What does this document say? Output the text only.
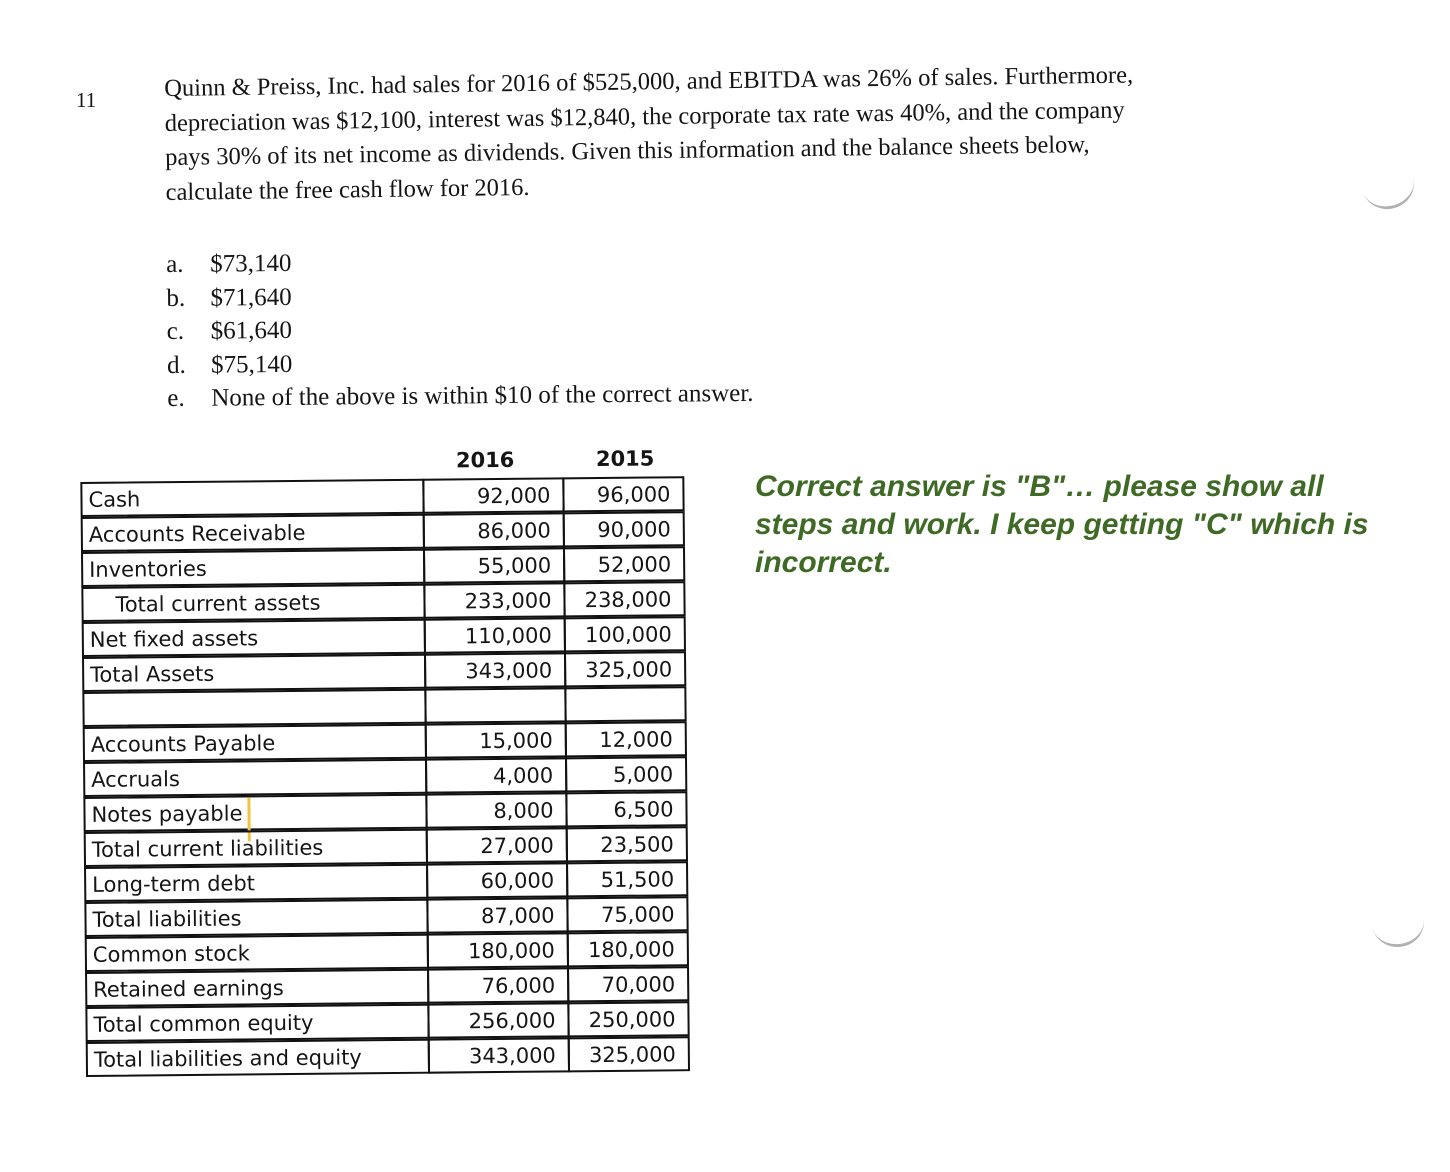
11	Quinn & Preiss, Inc. had sales for 2016 of $525,000, and EBITDA was 26% of sales. Furthermore,

depreciation was $12,100, interest was $12,840, the corporate tax rate was 40%, and the company

pays 30% of its net income as dividends. Given this information and the balance sheets below,

calculate the free cash flow for 2016.

a. $73,140
b. $71,640
c. $61,640
d. $75,140
e. None of the above is within $10 of the correct answer.
Correct answer is "B"… please show all steps and work. I keep getting "C" which is incorrect.
2016	2015
Cash	92,000	96,000
Accounts Receivable	86,000	90,000
Inventories	55,000	52,000
Total current assets	233,000	238,000
Net fixed assets	110,000	100,000
Total Assets	343,000	325,000
Accounts Payable	15,000	12,000
Accruals	4,000	5,000
Notes payable	8,000	6,500
Total current liabilities	27,000	23,500
Long-term debt	60,000	51,500
Total liabilities	87,000	75,000
Common stock	180,000	180,000
Retained earnings	76,000	70,000
Total common equity	256,000	250,000
Total liabilities and equity	343,000	325,000
